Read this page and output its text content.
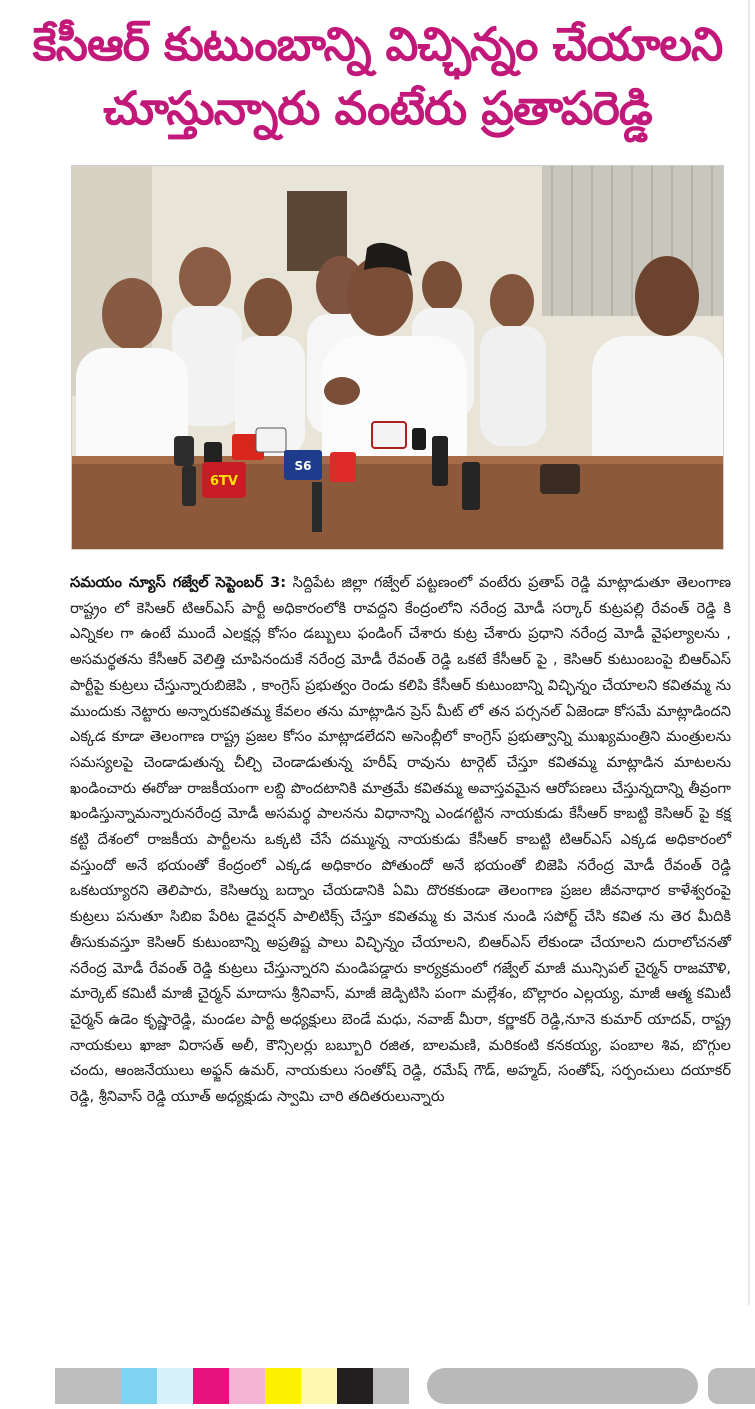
కేసీఆర్ కుటుంబాన్ని విచ్ఛిన్నం చేయాలని
చూస్తున్నారు వంటేరు ప్రతాపరెడ్డి
6TV
S6
సమయం న్యూస్ గజ్వేల్ సెప్టెంబర్ 3: సిద్దిపేట జిల్లా గజ్వేల్ పట్టణంలో వంటేరు ప్రతాప్ రెడ్డి మాట్లాడుతూ తెలంగాణ రాష్ట్రం లో కెసిఆర్ టిఆర్ఎస్ పార్టీ అధికారంలోకి రావద్దని కేంద్రంలోని నరేంద్ర మోడీ సర్కార్ కుట్రపల్లి రేవంత్ రెడ్డి కి ఎన్నికల గా ఉంటే ముందే ఎలక్షన్ల కోసం డబ్బులు ఫండింగ్ చేశారు కుట్ర చేశారు ప్రధాని నరేంద్ర మోడీ వైఫల్యాలను , అసమర్థతను కేసీఆర్ వెలిత్తి చూపినందుకే నరేంద్ర మోడీ రేవంత్ రెడ్డి ఒకటే కేసీఆర్ పై , కెసిఆర్ కుటుంబంపై బిఆర్ఎస్ పార్టీపై కుట్రలు చేస్తున్నారుబిజెపి , కాంగ్రెస్ ప్రభుత్వం రెండు కలిపి కేసీఆర్ కుటుంబాన్ని విచ్ఛిన్నం చేయాలని కవితమ్మ ను ముందుకు నెట్టారు అన్నారుకవితమ్మ కేవలం తను మాట్లాడిన ప్రెస్ మీట్ లో తన పర్సనల్ ఏజెండా కోసమే మాట్లాడిందని ఎక్కడ కూడా తెలంగాణ రాష్ట్ర ప్రజల కోసం మాట్లాడలేదని అసెంబ్లీలో కాంగ్రెస్ ప్రభుత్వాన్ని ముఖ్యమంత్రిని మంత్రులను సమస్యలపై చెండాడుతున్న చీల్చి చెండాడుతున్న హరీష్ రావును టార్గెట్ చేస్తూ కవితమ్మ మాట్లాడిన మాటలను ఖండించారు ఈరోజు రాజకీయంగా లబ్ది పొందటానికి మాత్రమే కవితమ్మ అవాస్తవమైన ఆరోపణలు చేస్తున్నదాన్ని తీవ్రంగా ఖండిస్తున్నామన్నారునరేంద్ర మోడీ అసమర్థ పాలనను విధానాన్ని ఎండగట్టిన నాయకుడు కేసీఆర్ కాబట్టి కెసిఆర్ పై కక్ష కట్టి దేశంలో రాజకీయ పార్టీలను ఒక్కటి చేసే దమ్మున్న నాయకుడు కేసీఆర్ కాబట్టి టిఆర్ఎస్ ఎక్కడ అధికారంలో వస్తుందో అనే భయంతో కేంద్రంలో ఎక్కడ అధికారం పోతుందో అనే భయంతో బిజెపి నరేంద్ర మోడీ రేవంత్ రెడ్డి ఒకటయ్యారని తెలిపారు, కెసిఆర్ను బద్నాం చేయడానికి ఏమి దొరకకుండా తెలంగాణ ప్రజల జీవనాధార కాళేశ్వరంపై కుట్రలు పనుతూ సిబిఐ పేరిట డైవర్షన్ పాలిటిక్స్ చేస్తూ కవితమ్మ కు వెనుక నుండి సపోర్ట్ చేసి కవిత ను తెర మీదికి తీసుకువస్తూ కెసిఆర్ కుటుంబాన్ని అప్రతిష్ట పాలు విచ్ఛిన్నం చేయాలని, బిఆర్ఎస్ లేకుండా చేయాలని దురాలోచనతో నరేంద్ర మోడీ రేవంత్ రెడ్డి కుట్రలు చేస్తున్నారని మండిపడ్డారు కార్యక్రమంలో గజ్వేల్ మాజీ మున్సిపల్ చైర్మన్ రాజమౌళి, మార్కెట్ కమిటీ మాజీ చైర్మన్ మాదాసు శ్రీనివాస్, మాజీ జెడ్పిటిసి పంగా మల్లేశం, బొల్లారం ఎల్లయ్య, మాజీ ఆత్మ కమిటీ చైర్మన్ ఉడెం కృష్ణారెడ్డి, మండల పార్టీ అధ్యక్షులు బెండే మధు, నవాజ్ మీరా, కర్ణాకర్ రెడ్డి,నూనె కుమార్ యాదవ్, రాష్ట్ర నాయకులు ఖాజా విరాసత్ అలీ, కౌన్సిలర్లు బబ్బూరి రజిత, బాలమణి, మరికంటి కనకయ్య, పంబాల శివ, బొగ్గుల చందు, ఆంజనేయులు అఫ్జన్ ఉమర్, నాయకులు సంతోష్ రెడ్డి, రమేష్ గౌడ్, అహ్మద్, సంతోష్, సర్పంచులు దయాకర్ రెడ్డి, శ్రీనివాస్ రెడ్డి యూత్ అధ్యక్షుడు స్వామి చారి తదితరులున్నారు
